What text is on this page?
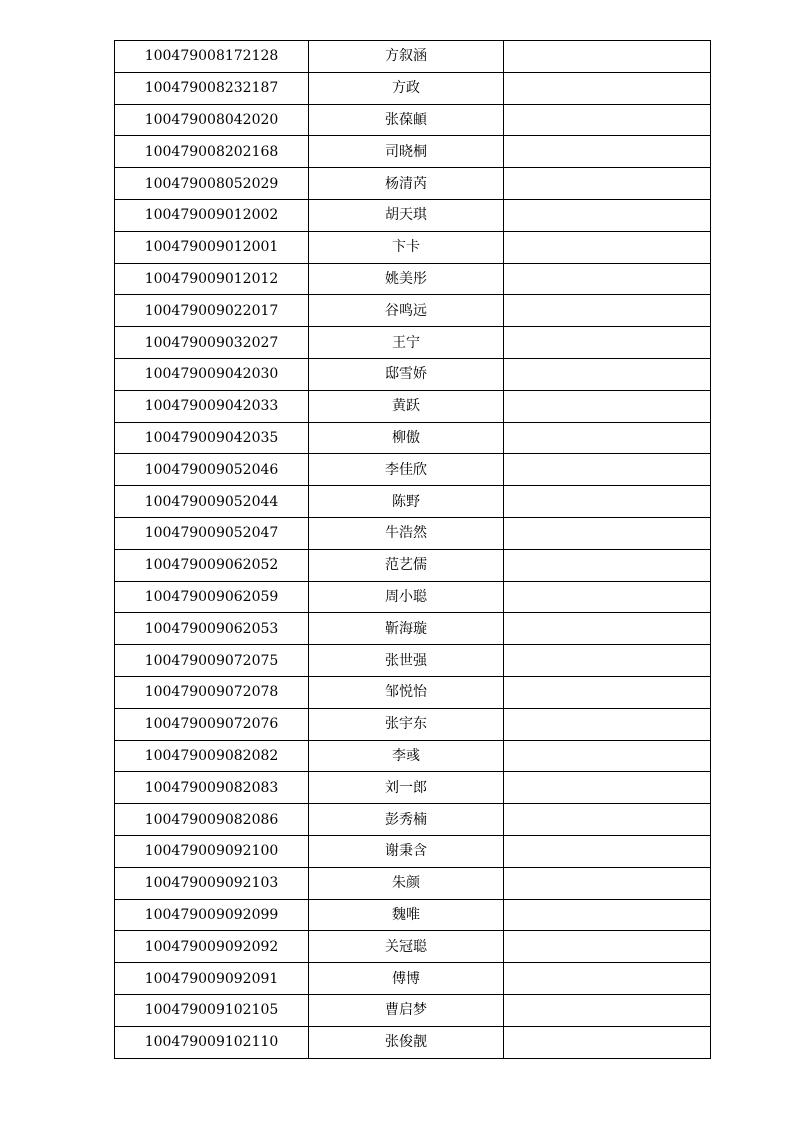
100479008172128	方叙涵	
100479008232187	方政	
100479008042020	张葆頔	
100479008202168	司晓桐	
100479008052029	杨清芮	
100479009012002	胡天琪	
100479009012001	卞卡	
100479009012012	姚美彤	
100479009022017	谷鸣远	
100479009032027	王宁	
100479009042030	邸雪娇	
100479009042033	黄跃	
100479009042035	柳傲	
100479009052046	李佳欣	
100479009052044	陈野	
100479009052047	牛浩然	
100479009062052	范艺儒	
100479009062059	周小聪	
100479009062053	靳海璇	
100479009072075	张世强	
100479009072078	邹悦怡	
100479009072076	张宇东	
100479009082082	李彧	
100479009082083	刘一郎	
100479009082086	彭秀楠	
100479009092100	谢秉含	
100479009092103	朱颜	
100479009092099	魏唯	
100479009092092	关冠聪	
100479009092091	傅博	
100479009102105	曹启梦	
100479009102110	张俊靓	
